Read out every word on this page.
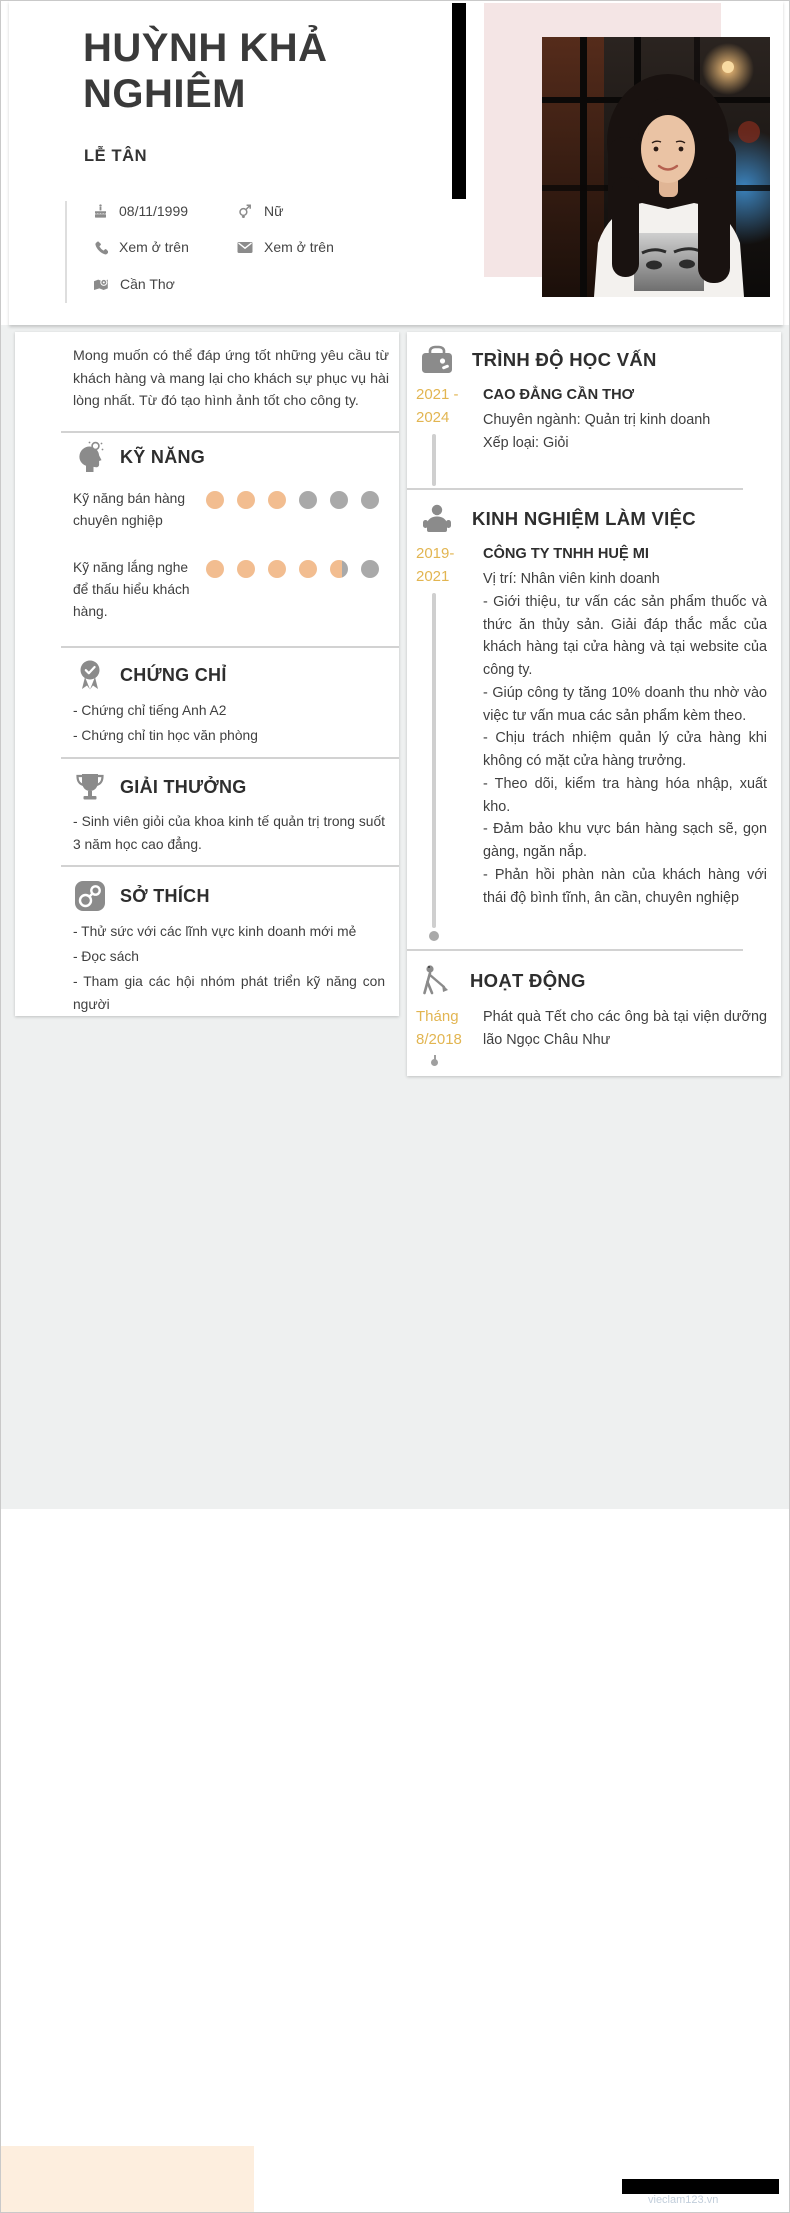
HUỲNH KHẢ NGHIÊM
LỄ TÂN
08/11/1999	Nữ
Xem ở trên	Xem ở trên
Cần Thơ
Mong muốn có thể đáp ứng tốt những yêu cầu từ khách hàng và mang lại cho khách sự phục vụ hài lòng nhất. Từ đó tạo hình ảnh tốt cho công ty.
KỸ NĂNG
Kỹ năng bán hàng chuyên nghiệp
Kỹ năng lắng nghe để thấu hiểu khách hàng.
CHỨNG CHỈ

- Chứng chỉ tiếng Anh A2

- Chứng chỉ tin học văn phòng

GIẢI THƯỞNG

- Sinh viên giỏi của khoa kinh tế quản trị trong suốt 3 năm học cao đẳng.

SỞ THÍCH

- Thử sức với các lĩnh vực kinh doanh mới mẻ

- Đọc sách

- Tham gia các hội nhóm phát triển kỹ năng con người

TRÌNH ĐỘ HỌC VẤN
2021 -
2024

CAO ĐẲNG CẦN THƠ

Chuyên ngành: Quản trị kinh doanh

Xếp loại: Giỏi

KINH NGHIỆM LÀM VIỆC
2019-
2021

CÔNG TY TNHH HUỆ MI

Vị trí: Nhân viên kinh doanh

- Giới thiệu, tư vấn các sản phẩm thuốc và thức ăn thủy sản. Giải đáp thắc mắc của khách hàng tại cửa hàng và tại website của công ty.

- Giúp công ty tăng 10% doanh thu nhờ vào việc tư vấn mua các sản phẩm kèm theo.

- Chịu trách nhiệm quản lý cửa hàng khi không có mặt cửa hàng trưởng.

- Theo dõi, kiểm tra hàng hóa nhập, xuất kho.

- Đảm bảo khu vực bán hàng sạch sẽ, gọn gàng, ngăn nắp.

- Phản hồi phàn nàn của khách hàng với thái độ bình tĩnh, ân cần, chuyên nghiệp

HOẠT ĐỘNG
Tháng
8/2018

Phát quà Tết cho các ông bà tại viện dưỡng lão Ngọc Châu Như

vieclam123.vn
